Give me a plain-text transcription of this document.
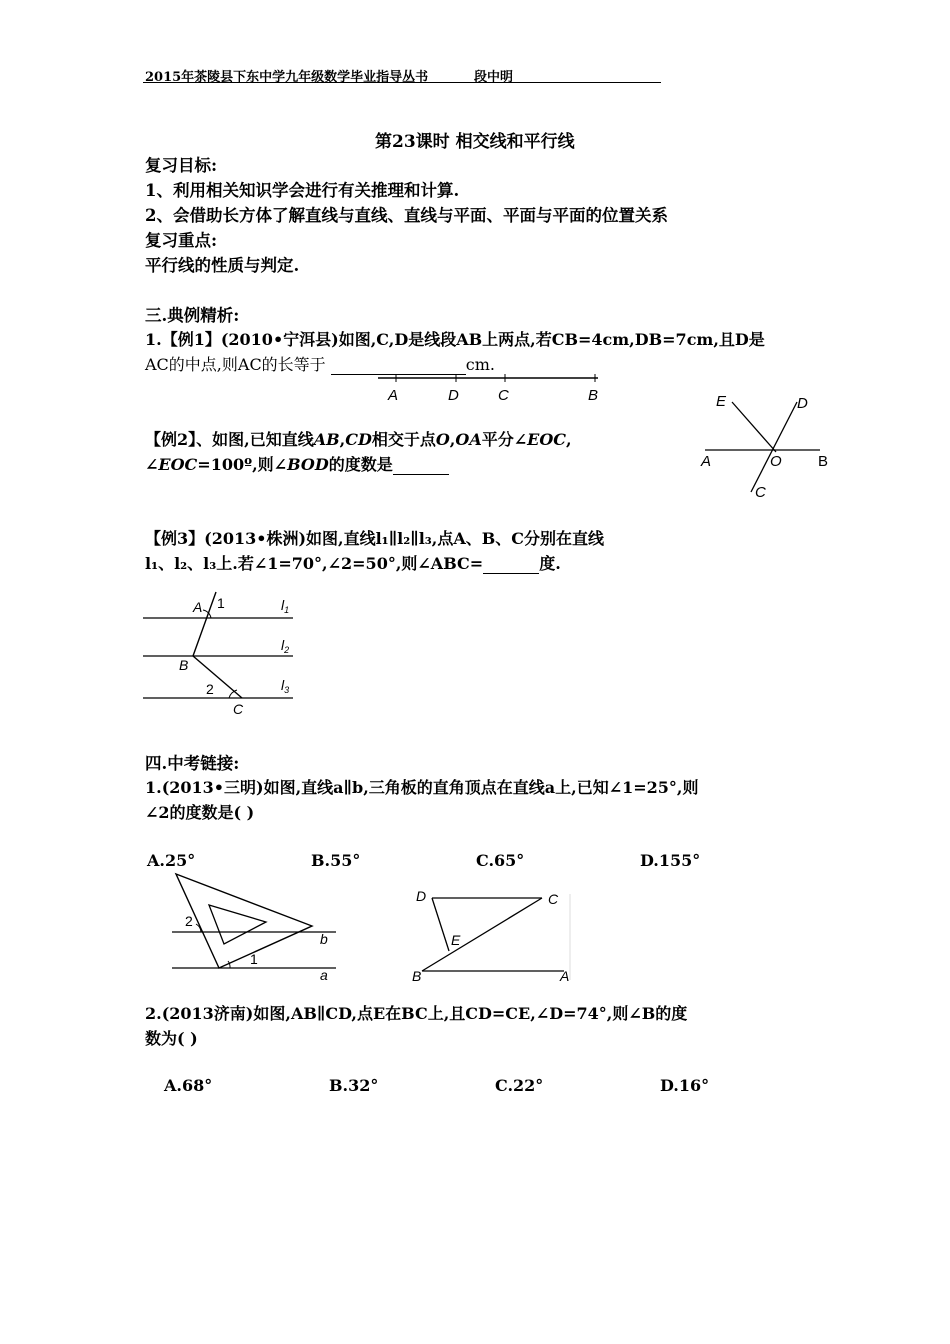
2015年茶陵县下东中学九年级数学毕业指导丛书	段中明
第23课时 相交线和平行线
复习目标:
1、利用相关知识学会进行有关推理和计算.
2、会借助长方体了解直线与直线、直线与平面、平面与平面的位置关系
复习重点:
平行线的性质与判定.
三.典例精析:
1.【例1】(2010•宁洱县)如图,C,D是线段AB上两点,若CB=4cm,DB=7cm,且D是
AC的中点,则AC的长等于	cm.
A	D	C	B
【例2】、如图,已知直线AB,CD相交于点O,OA平分∠EOC,
∠EOC=100º,则∠BOD的度数是
E	D
A	O B
C
【例3】(2013•株洲)如图,直线l₁∥l₂∥l₃,点A、B、C分别在直线
l₁、l₂、l₃上.若∠1=70°,∠2=50°,则∠ABC=	度.
A 1	$l_1$
B
$l_2$
2	$l_3$
C
四.中考链接:
1.(2013•三明)如图,直线a∥b,三角板的直角顶点在直线a上,已知∠1=25°,则
∠2的度数是( )
A.25°	B.55°	C.65°	D.155°
2
1
b
a
D	C
E
B	A
2.(2013济南)如图,AB∥CD,点E在BC上,且CD=CE,∠D=74°,则∠B的度
数为( )
A.68°	B.32°	C.22°	D.16°
